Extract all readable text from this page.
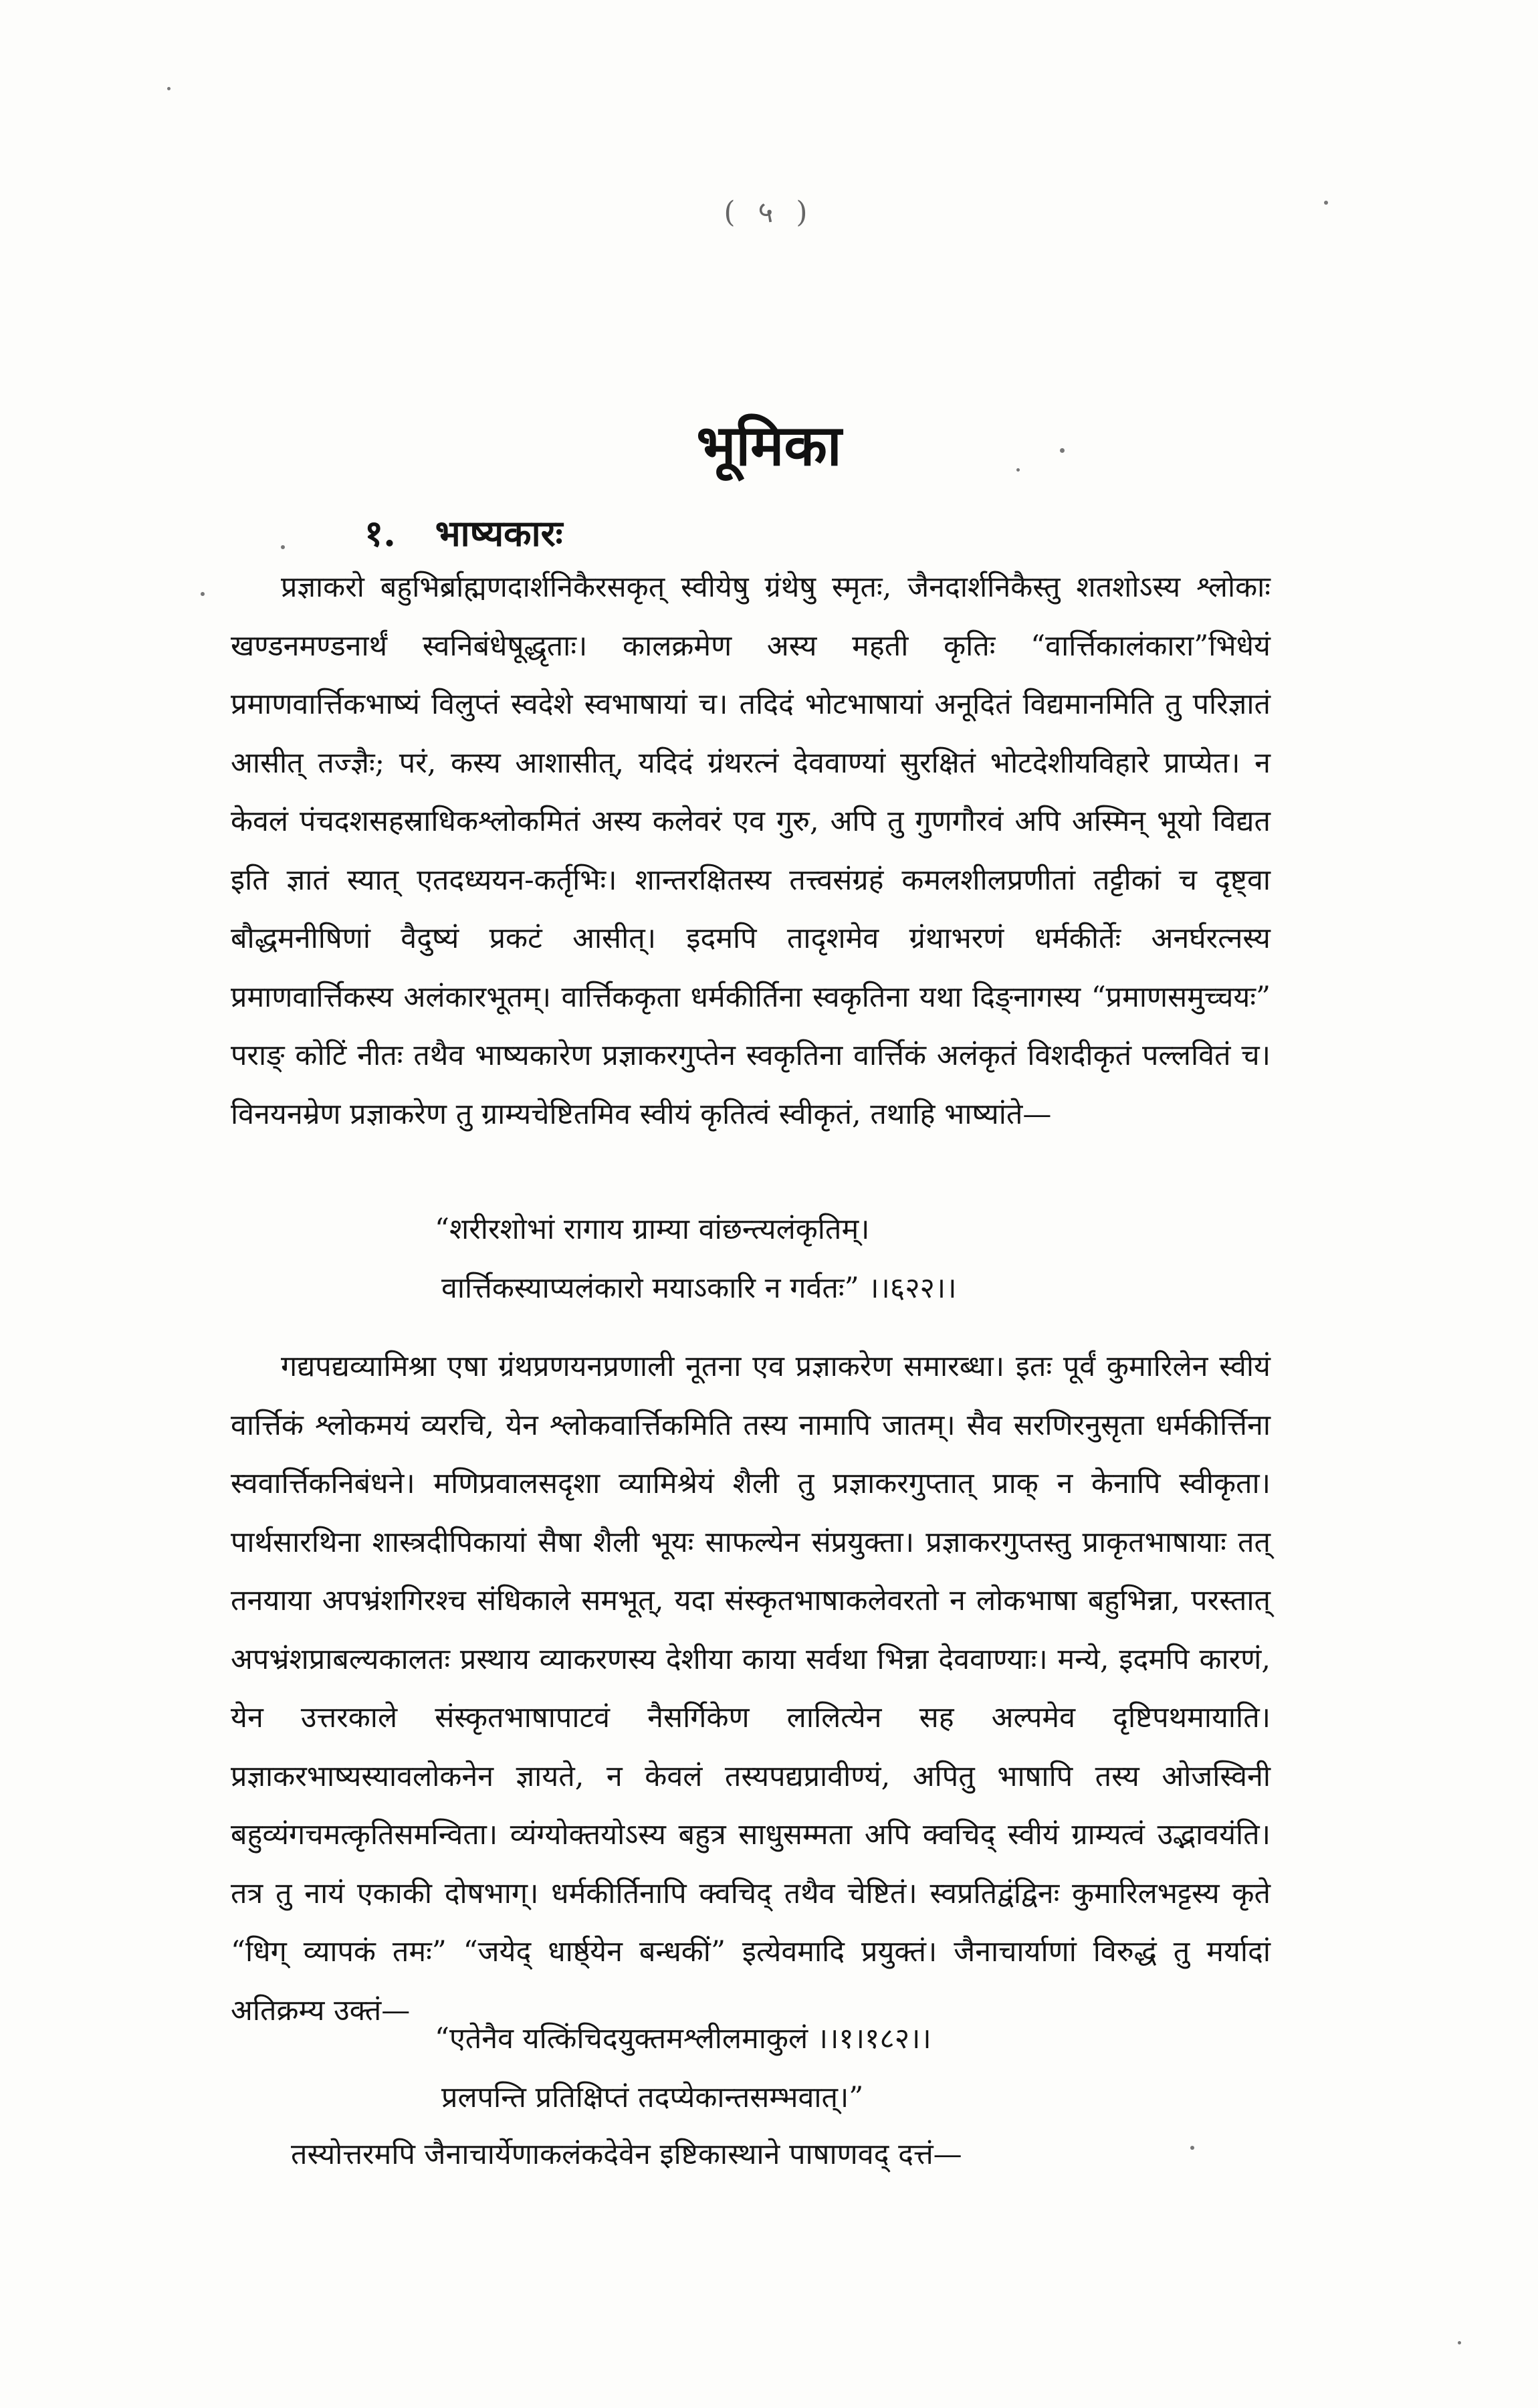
( ५ )
भूमिका
१. भाष्यकारः
प्रज्ञाकरो बहुभिर्ब्राह्मणदार्शनिकैरसकृत् स्वीयेषु ग्रंथेषु स्मृतः, जैनदार्शनिकैस्तु शतशोऽस्य श्लोकाः खण्डनमण्डनार्थं स्वनिबंधेषूद्धृताः। कालक्रमेण अस्य महती कृतिः “वार्त्तिकालंकारा”भिधेयं प्रमाणवार्त्तिकभाष्यं विलुप्तं स्वदेशे स्वभाषायां च। तदिदं भोटभाषायां अनूदितं विद्यमानमिति तु परिज्ञातं आसीत् तज्ज्ञैः; परं, कस्य आशासीत्, यदिदं ग्रंथरत्नं देववाण्यां सुरक्षितं भोटदेशीयविहारे प्राप्येत। न केवलं पंचदशसहस्राधिकश्लोकमितं अस्य कलेवरं एव गुरु, अपि तु गुणगौरवं अपि अस्मिन् भूयो विद्यत इति ज्ञातं स्यात् एतदध्ययन-कर्तृभिः। शान्तरक्षितस्य तत्त्वसंग्रहं कमलशीलप्रणीतां तट्टीकां च दृष्ट्वा बौद्धमनीषिणां वैदुष्यं प्रकटं आसीत्। इदमपि तादृशमेव ग्रंथाभरणं धर्मकीर्तेः अनर्घरत्नस्य प्रमाणवार्त्तिकस्य अलंकारभूतम्। वार्त्तिककृता धर्मकीर्तिना स्वकृतिना यथा दिङ्नागस्य “प्रमाणसमुच्चयः” पराङ् कोटिं नीतः तथैव भाष्यकारेण प्रज्ञाकरगुप्तेन स्वकृतिना वार्त्तिकं अलंकृतं विशदीकृतं पल्लवितं च। विनयनम्रेण प्रज्ञाकरेण तु ग्राम्यचेष्टितमिव स्वीयं कृतित्वं स्वीकृतं, तथाहि भाष्यांते—
“शरीरशोभां रागाय ग्राम्या वांछन्त्यलंकृतिम्।
वार्त्तिकस्याप्यलंकारो मयाऽकारि न गर्वतः” ।।६२२।।
गद्यपद्यव्यामिश्रा एषा ग्रंथप्रणयनप्रणाली नूतना एव प्रज्ञाकरेण समारब्धा। इतः पूर्वं कुमारिलेन स्वीयं वार्त्तिकं श्लोकमयं व्यरचि, येन श्लोकवार्त्तिकमिति तस्य नामापि जातम्। सैव सरणिरनुसृता धर्मकीर्त्तिना स्ववार्त्तिकनिबंधने। मणिप्रवालसदृशा व्यामिश्रेयं शैली तु प्रज्ञाकरगुप्तात् प्राक् न केनापि स्वीकृता। पार्थसारथिना शास्त्रदीपिकायां सैषा शैली भूयः साफल्येन संप्रयुक्ता। प्रज्ञाकरगुप्तस्तु प्राकृतभाषायाः तत् तनयाया अपभ्रंशगिरश्च संधिकाले समभूत्, यदा संस्कृतभाषाकलेवरतो न लोकभाषा बहुभिन्ना, परस्तात् अपभ्रंशप्राबल्यकालतः प्रस्थाय व्याकरणस्य देशीया काया सर्वथा भिन्ना देववाण्याः। मन्ये, इदमपि कारणं, येन उत्तरकाले संस्कृतभाषापाटवं नैसर्गिकेण लालित्येन सह अल्पमेव दृष्टिपथमायाति। प्रज्ञाकरभाष्यस्यावलोकनेन ज्ञायते, न केवलं तस्यपद्यप्रावीण्यं, अपितु भाषापि तस्य ओजस्विनी बहुव्यंगचमत्कृतिसमन्विता। व्यंग्योक्तयोऽस्य बहुत्र साधुसम्मता अपि क्वचिद् स्वीयं ग्राम्यत्वं उद्भावयंति। तत्र तु नायं एकाकी दोषभाग्। धर्मकीर्तिनापि क्वचिद् तथैव चेष्टितं। स्वप्रतिद्वंद्विनः कुमारिलभट्टस्य कृते “धिग् व्यापकं तमः” “जयेद् धार्ष्ठ्येन बन्धकीं” इत्येवमादि प्रयुक्तं। जैनाचार्याणां विरुद्धं तु मर्यादां अतिक्रम्य उक्तं—
“एतेनैव यत्किंचिदयुक्तमश्लीलमाकुलं ।।१।१८२।।
प्रलपन्ति प्रतिक्षिप्तं तदप्येकान्तसम्भवात्।”
तस्योत्तरमपि जैनाचार्येणाकलंकदेवेन इष्टिकास्थाने पाषाणवद् दत्तं—
